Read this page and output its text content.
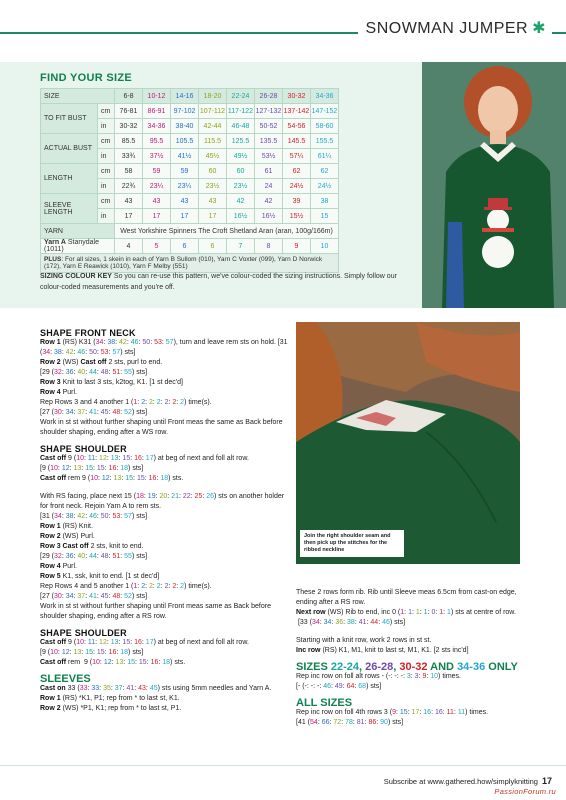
SNOWMAN JUMPER ✱
FIND YOUR SIZE
SIZE		6-8	10-12	14-16	18-20	22-24	26-28	30-32	34-36
TO FIT BUST	cm	76-81	86-91	97-102	107-112	117-122	127-132	137-142	147-152
	in	30-32	34-36	38-40	42-44	46-48	50-52	54-56	58-60
ACTUAL BUST	cm	85.5	95.5	105.5	115.5	125.5	135.5	145.5	155.5
	in	33¾	37½	41½	45½	49½	53½	57¼	61¼
LENGTH	cm	58	59	59	60	60	61	62	62
	in	22¾	23¼	23¼	23½	23½	24	24½	24½
SLEEVE LENGTH	cm	43	43	43	43	42	42	39	38
	in	17	17	17	17	16½	16½	15½	15
YARN		West Yorkshire Spinners The Croft Shetland Aran (aran, 100g/166m)							
Yarn A Stanydale (1011)		4	5	6	6	7	8	9	10
PLUS: For all sizes, 1 skein in each of Yarn B Sullom (010), Yarn C Voxter (099), Yarn D Norwick (172), Yarn E Reawick (1010), Yarn F Melby (551)									
SIZING COLOUR KEY So you can re-use this pattern, we've colour-coded the sizing instructions. Simply follow our colour-coded measurements and you're off.

SHAPE FRONT NECK

Row 1 (RS) K31 (34: 38: 42: 46: 50: 53: 57), turn and leave rem sts on hold. [31 (34: 38: 42: 46: 50: 53: 57) sts]

Row 2 (WS) Cast off 2 sts, purl to end.

[29 (32: 36: 40: 44: 48: 51: 55) sts]

Row 3 Knit to last 3 sts, k2tog, K1. [1 st dec'd]

Row 4 Purl.

Rep Rows 3 and 4 another 1 (1: 2: 2: 2: 2: 2: 2) time(s).

[27 (30: 34: 37: 41: 45: 48: 52) sts]

Work in st st without further shaping until Front meas the same as Back before shoulder shaping, ending after a WS row.

SHAPE SHOULDER

Cast off 9 (10: 11: 12: 13: 15: 16: 17) at beg of next and foll alt row.

[9 (10: 12: 13: 15: 15: 16: 18) sts]

Cast off rem 9 (10: 12: 13: 15: 15: 16: 18) sts.

With RS facing, place next 15 (18: 19: 20: 21: 22: 25: 26) sts on another holder for front neck. Rejoin Yarn A to rem sts.

[31 (34: 38: 42: 46: 50: 53: 57) sts]

Row 1 (RS) Knit.

Row 2 (WS) Purl.

Row 3 Cast off 2 sts, knit to end.

[29 (32: 36: 40: 44: 48: 51: 55) sts]

Row 4 Purl.

Row 5 K1, ssk, knit to end. [1 st dec'd]

Rep Rows 4 and 5 another 1 (1: 2: 2: 2: 2: 2: 2) time(s).

[27 (30: 34: 37: 41: 45: 48: 52) sts]

Work in st st without further shaping until Front meas same as Back before shoulder shaping, ending after a RS row.

SHAPE SHOULDER

Cast off 9 (10: 11: 12: 13: 15: 16: 17) at beg of next and foll alt row.

[9 (10: 12: 13: 15: 15: 16: 18) sts]

Cast off rem  9 (10: 12: 13: 15: 15: 16: 18) sts.

SLEEVES

Cast on 33 (33: 33: 35: 37: 41: 43: 45) sts using 5mm needles and Yarn A.

Row 1 (RS) *K1, P1; rep from * to last st, K1.

Row 2 (WS) *P1, K1; rep from * to last st, P1.

Join the right shoulder seam and then pick up the stitches for the ribbed neckline

These 2 rows form rib. Rib until Sleeve meas 6.5cm from cast-on edge, ending after a RS row.

Next row (WS) Rib to end, inc 0 (1: 1: 1: 1: 0: 1: 1) sts at centre of row.  [33 (34: 34: 36: 38: 41: 44: 46) sts]

Starting with a knit row, work 2 rows in st st.

Inc row (RS) K1, M1, knit to last st, M1, K1. [2 sts inc'd]

SIZES 22-24, 26-28, 30-32 AND 34-36 ONLY

Rep inc row on foll alt rows - (-: -: -: 3: 3: 9: 10) times.

[- (-: -: -: 46: 49: 64: 68) sts]

ALL SIZES

Rep inc row on foll 4th rows 3 (9: 15: 17: 16: 16: 11: 11) times.

[41 (54: 66: 72: 78: 81: 86: 90) sts]

Subscribe at www.gathered.how/simplyknitting 17
PassionForum.ru
